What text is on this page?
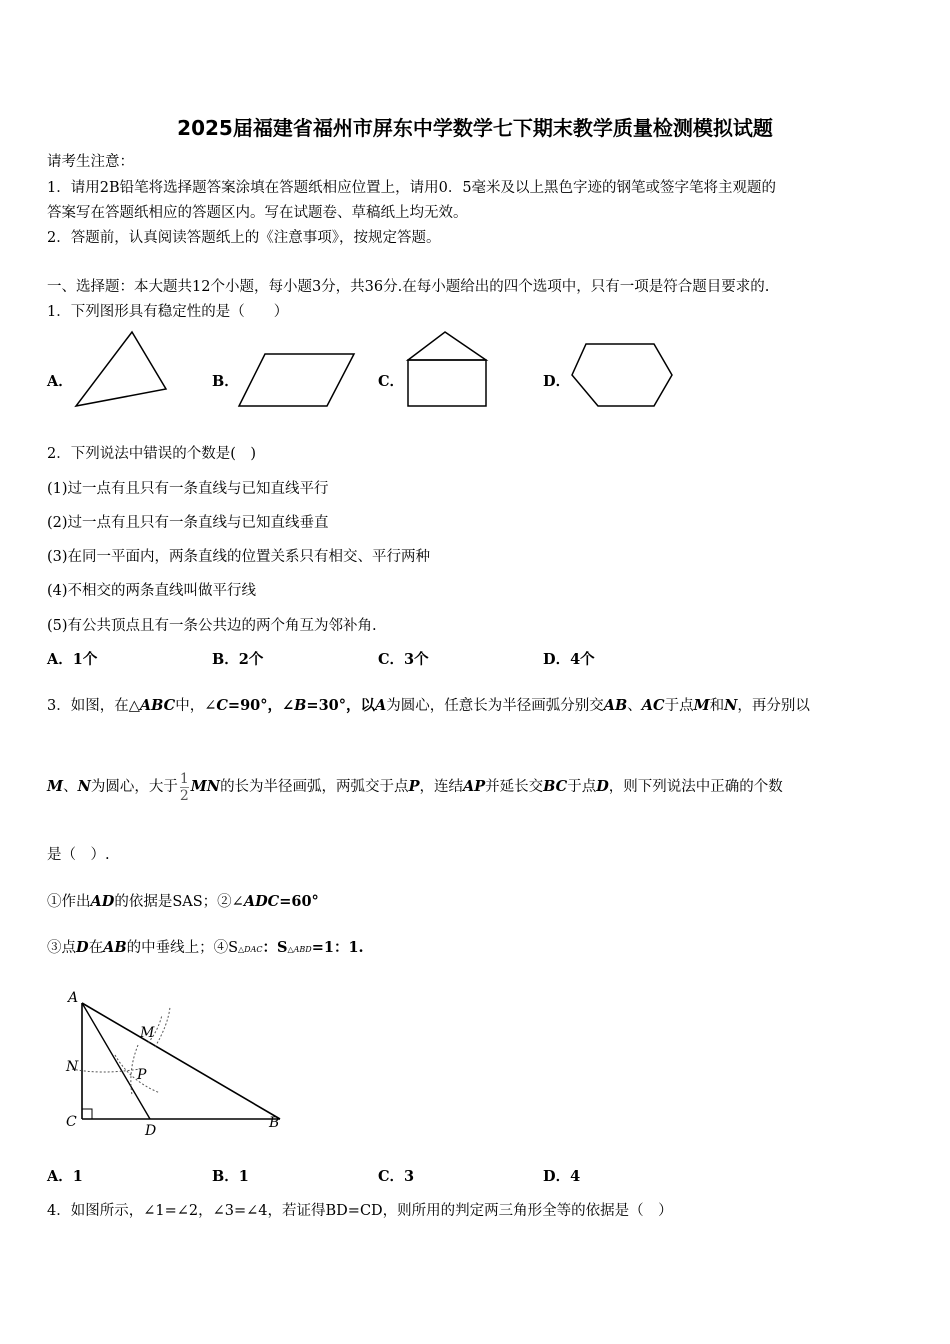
2025届福建省福州市屏东中学数学七下期末教学质量检测模拟试题
请考生注意：
1．请用2B铅笔将选择题答案涂填在答题纸相应位置上，请用0．5毫米及以上黑色字迹的钢笔或签字笔将主观题的
答案写在答题纸相应的答题区内。写在试题卷、草稿纸上均无效。
2．答题前，认真阅读答题纸上的《注意事项》，按规定答题。
一、选择题：本大题共12个小题，每小题3分，共36分.在每小题给出的四个选项中，只有一项是符合题目要求的.
1．下列图形具有稳定性的是（　　）
A．	B．	C．	D．
2．下列说法中错误的个数是(　)
(1)过一点有且只有一条直线与已知直线平行
(2)过一点有且只有一条直线与已知直线垂直
(3)在同一平面内，两条直线的位置关系只有相交、平行两种
(4)不相交的两条直线叫做平行线
(5)有公共顶点且有一条公共边的两个角互为邻补角.
A．1个	B．2个	C．3个	D．4个
3．如图，在△ABC中，∠C=90°，∠B=30°，以A为圆心，任意长为半径画弧分别交AB、AC于点M和N，再分别以
M、N为圆心，大于 $\frac{1}{2}$ MN的长为半径画弧，两弧交于点P，连结AP并延长交BC于点D，则下列说法中正确的个数
是（　）.
①作出AD的依据是SAS；②∠ADC=60°
③点D在AB的中垂线上；④S△DAC：S△ABD=1：1.
A
C
D	B
M
N	P
A．1	B．1	C．3	D．4
4．如图所示，∠1=∠2，∠3=∠4，若证得BD=CD，则所用的判定两三角形全等的依据是（　）
